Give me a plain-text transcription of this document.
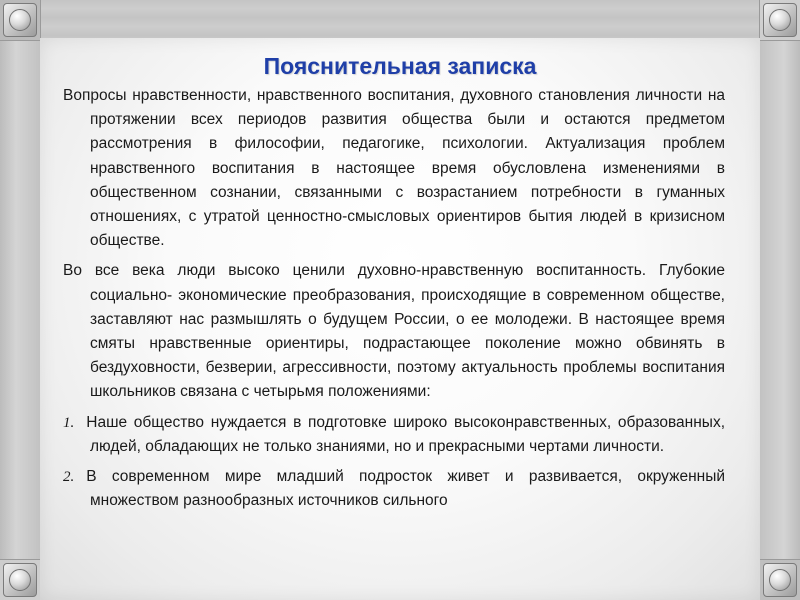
Пояснительная записка

Вопросы нравственности, нравственного воспитания, духовного становления личности на протяжении всех периодов развития общества были и остаются предметом рассмотрения в философии, педагогике, психологии. Актуализация проблем нравственного воспитания в настоящее время обусловлена изменениями в общественном сознании, связанными с возрастанием потребности в гуманных отношениях, с утратой ценностно-смысловых ориентиров бытия людей в кризисном обществе.

Во все века люди высоко ценили духовно-нравственную воспитанность. Глубокие социально- экономические преобразования, происходящие в современном обществе, заставляют нас размышлять о будущем России, о ее молодежи. В настоящее время смяты нравственные ориентиры, подрастающее поколение можно обвинять в бездуховности, безверии, агрессивности, поэтому актуальность проблемы воспитания школьников связана с четырьмя положениями:

1. Наше общество нуждается в подготовке широко высоконравственных, образованных, людей, обладающих не только знаниями, но и прекрасными чертами личности.

2. В современном мире младший подросток живет и развивается, окруженный множеством разнообразных источников сильного
